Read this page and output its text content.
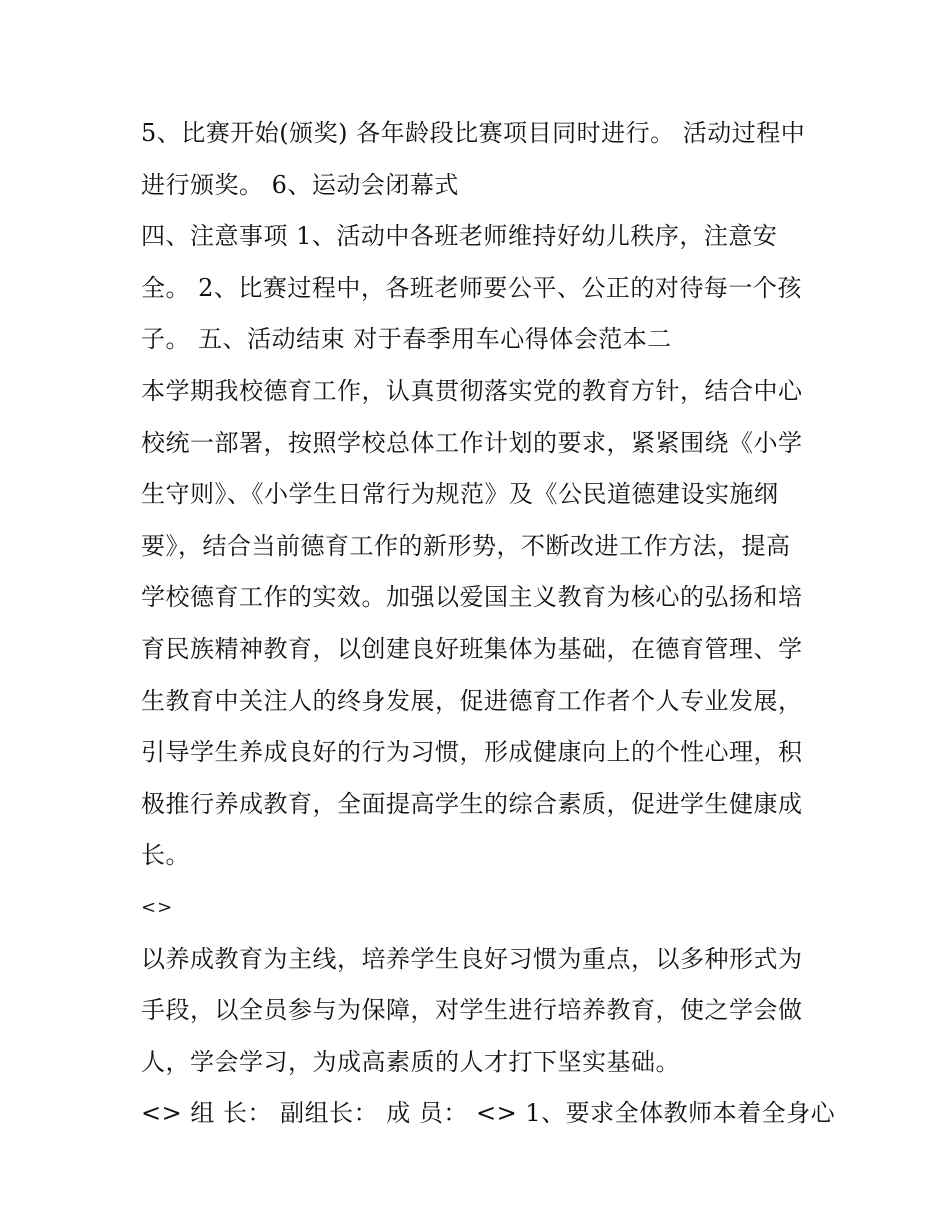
5、比赛开始(颁奖) 各年龄段比赛项目同时进行。 活动过程中
进行颁奖。 6、运动会闭幕式
四、注意事项 1、活动中各班老师维持好幼儿秩序，注意安
全。 2、比赛过程中，各班老师要公平、公正的对待每一个孩
子。 五、活动结束 对于春季用车心得体会范本二
本学期我校德育工作，认真贯彻落实党的教育方针，结合中心
校统一部署，按照学校总体工作计划的要求，紧紧围绕《小学
生守则》、《小学生日常行为规范》及《公民道德建设实施纲
要》，结合当前德育工作的新形势，不断改进工作方法，提高
学校德育工作的实效。加强以爱国主义教育为核心的弘扬和培
育民族精神教育，以创建良好班集体为基础，在德育管理、学
生教育中关注人的终身发展，促进德育工作者个人专业发展，
引导学生养成良好的行为习惯，形成健康向上的个性心理，积
极推行养成教育，全面提高学生的综合素质，促进学生健康成
长。
<>
以养成教育为主线，培养学生良好习惯为重点，以多种形式为
手段，以全员参与为保障，对学生进行培养教育，使之学会做
人，学会学习，为成高素质的人才打下坚实基础。
<> 组 长： 副组长： 成 员： <> 1、要求全体教师本着全身心
